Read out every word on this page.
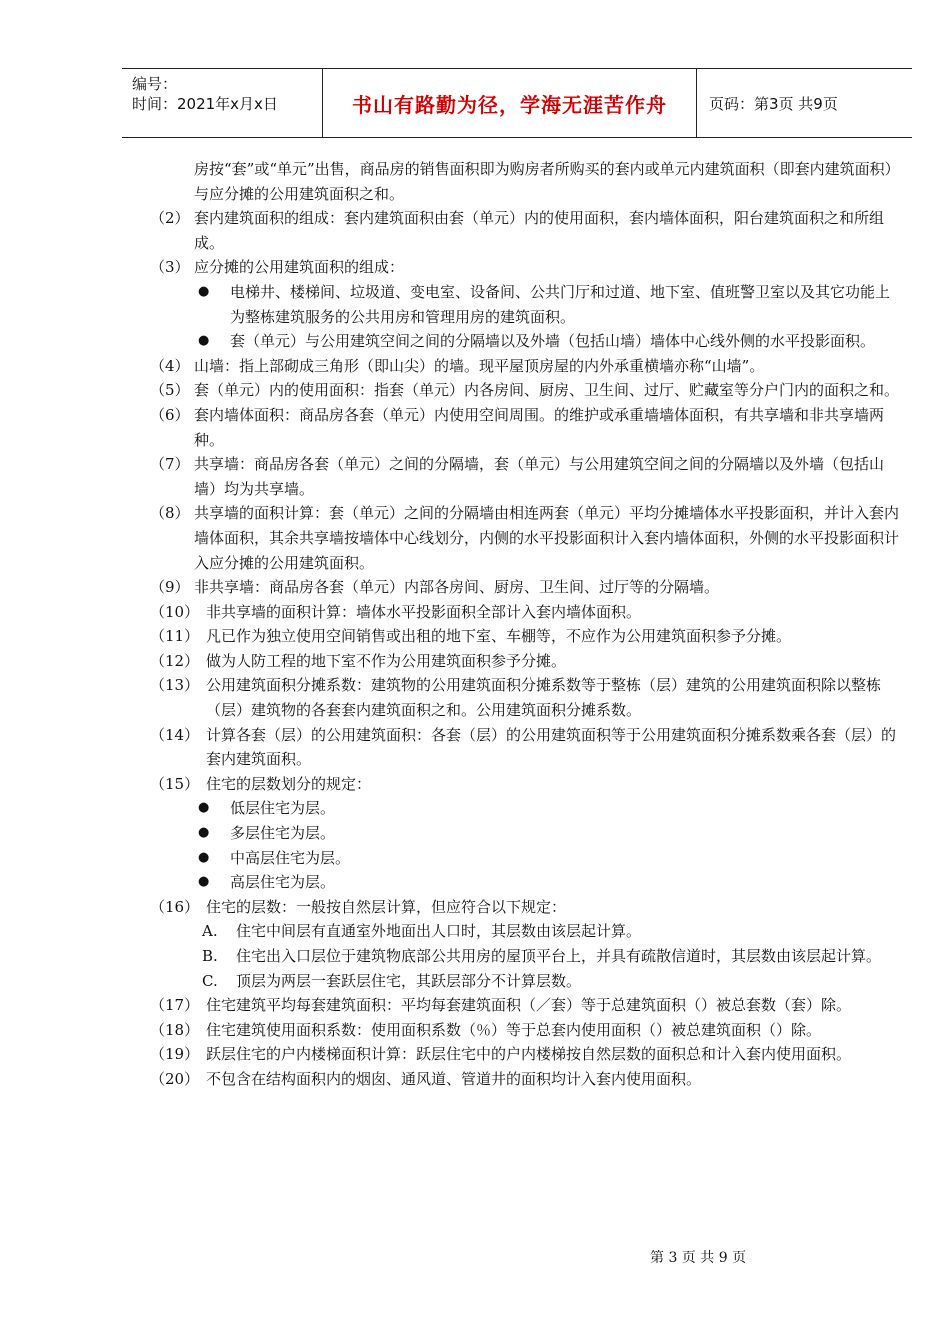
编号：
时间：2021年x月x日	书山有路勤为径，学海无涯苦作舟	页码：第3页 共9页
房按“套”或“单元”出售，商品房的销售面积即为购房者所购买的套内或单元内建筑面积（即套内建筑面积）与应分摊的公用建筑面积之和。
（2） 套内建筑面积的组成：套内建筑面积由套（单元）内的使用面积，套内墙体面积，阳台建筑面积之和所组成。
（3） 应分摊的公用建筑面积的组成：
●	电梯井、楼梯间、垃圾道、变电室、设备间、公共门厅和过道、地下室、值班警卫室以及其它功能上为整栋建筑服务的公共用房和管理用房的建筑面积。
●	套（单元）与公用建筑空间之间的分隔墙以及外墙（包括山墙）墙体中心线外侧的水平投影面积。
（4） 山墙：指上部砌成三角形（即山尖）的墙。现平屋顶房屋的内外承重横墙亦称“山墙”。
（5） 套（单元）内的使用面积：指套（单元）内各房间、厨房、卫生间、过厅、贮藏室等分户门内的面积之和。
（6） 套内墙体面积：商品房各套（单元）内使用空间周围。的维护或承重墙墙体面积，有共享墙和非共享墙两种。
（7） 共享墙：商品房各套（单元）之间的分隔墙，套（单元）与公用建筑空间之间的分隔墙以及外墙（包括山墙）均为共享墙。
（8） 共享墙的面积计算：套（单元）之间的分隔墙由相连两套（单元）平均分摊墙体水平投影面积，并计入套内墙体面积，其余共享墙按墙体中心线划分，内侧的水平投影面积计入套内墙体面积，外侧的水平投影面积计入应分摊的公用建筑面积。
（9） 非共享墙：商品房各套（单元）内部各房间、厨房、卫生间、过厅等的分隔墙。
（10） 非共享墙的面积计算：墙体水平投影面积全部计入套内墙体面积。
（11） 凡已作为独立使用空间销售或出租的地下室、车棚等，不应作为公用建筑面积参予分摊。
（12） 做为人防工程的地下室不作为公用建筑面积参予分摊。
（13） 公用建筑面积分摊系数：建筑物的公用建筑面积分摊系数等于整栋（层）建筑的公用建筑面积除以整栋（层）建筑物的各套套内建筑面积之和。公用建筑面积分摊系数。
（14） 计算各套（层）的公用建筑面积：各套（层）的公用建筑面积等于公用建筑面积分摊系数乘各套（层）的套内建筑面积。
（15） 住宅的层数划分的规定：
●	低层住宅为层。
●	多层住宅为层。
●	中高层住宅为层。
●	高层住宅为层。
（16） 住宅的层数：一般按自然层计算，但应符合以下规定：
A.	住宅中间层有直通室外地面出人口时，其层数由该层起计算。
B.	住宅出入口层位于建筑物底部公共用房的屋顶平台上，并具有疏散信道时，其层数由该层起计算。
C.	顶层为两层一套跃层住宅，其跃层部分不计算层数。
（17） 住宅建筑平均每套建筑面积：平均每套建筑面积（／套）等于总建筑面积（）被总套数（套）除。
（18） 住宅建筑使用面积系数：使用面积系数（％）等于总套内使用面积（）被总建筑面积（）除。
（19） 跃层住宅的户内楼梯面积计算：跃层住宅中的户内楼梯按自然层数的面积总和计入套内使用面积。
（20） 不包含在结构面积内的烟囱、通风道、管道井的面积均计入套内使用面积。
第 3 页 共 9 页
